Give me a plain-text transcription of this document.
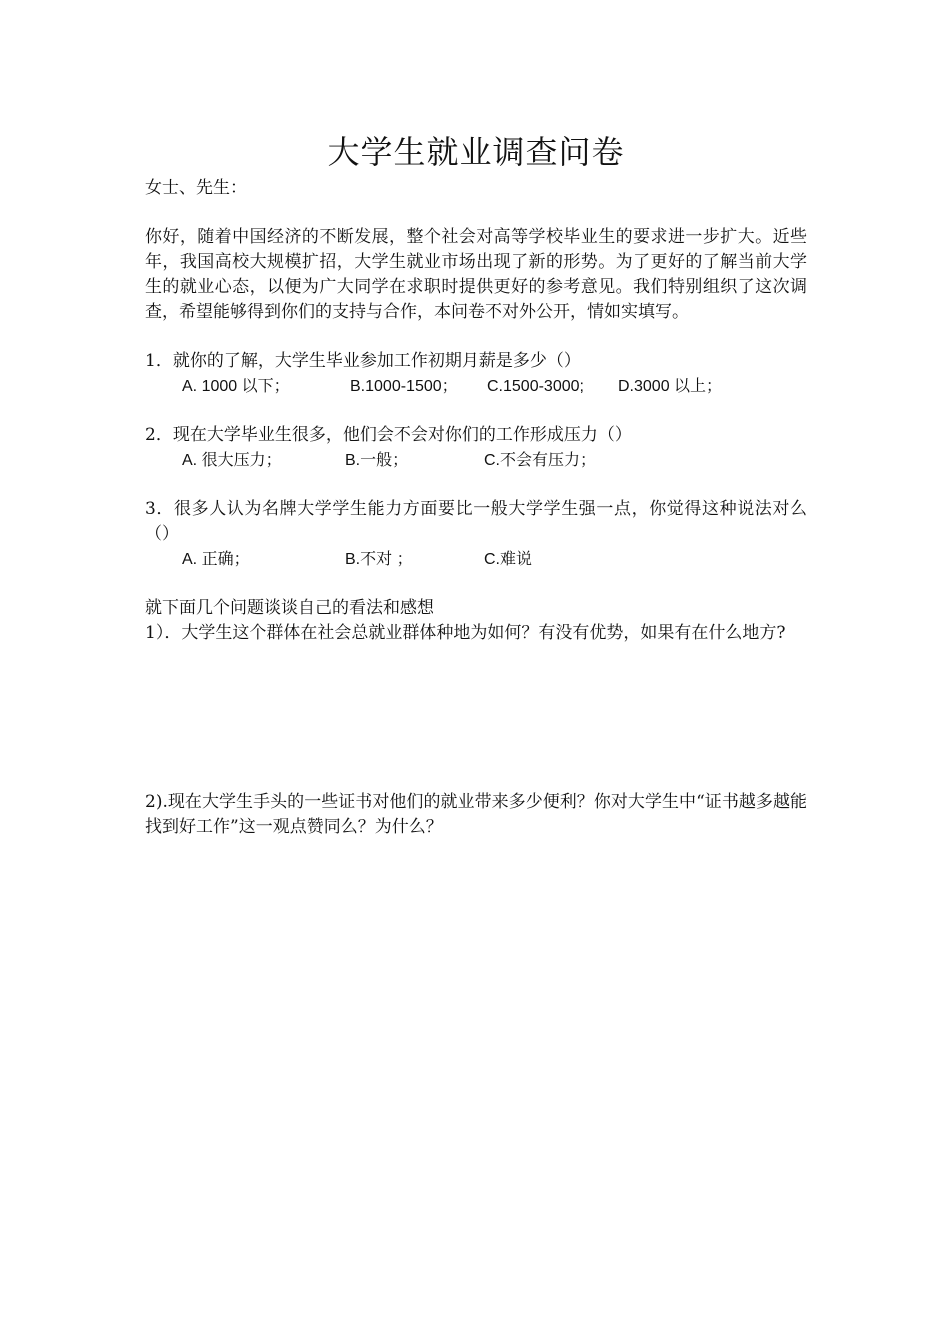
大学生就业调查问卷

女士、先生：

你好，随着中国经济的不断发展，整个社会对高等学校毕业生的要求进一步扩大。近些年，我国高校大规模扩招，大学生就业市场出现了新的形势。为了更好的了解当前大学生的就业心态，以便为广大同学在求职时提供更好的参考意见。我们特别组织了这次调查，希望能够得到你们的支持与合作，本问卷不对外公开，情如实填写。

1．就你的了解，大学生毕业参加工作初期月薪是多少（）

A. 1000 以下；	B.1000-1500；	C.1500-3000;	D.3000 以上；

2．现在大学毕业生很多，他们会不会对你们的工作形成压力（）

A. 很大压力；	B.一般；	C.不会有压力；

3．很多人认为名牌大学学生能力方面要比一般大学学生强一点，你觉得这种说法对么（）

A. 正确；	B.不对 ；	C.难说

就下面几个问题谈谈自己的看法和感想

1）．大学生这个群体在社会总就业群体种地为如何？有没有优势，如果有在什么地方?

2).现在大学生手头的一些证书对他们的就业带来多少便利？你对大学生中“证书越多越能找到好工作”这一观点赞同么？为什么？
